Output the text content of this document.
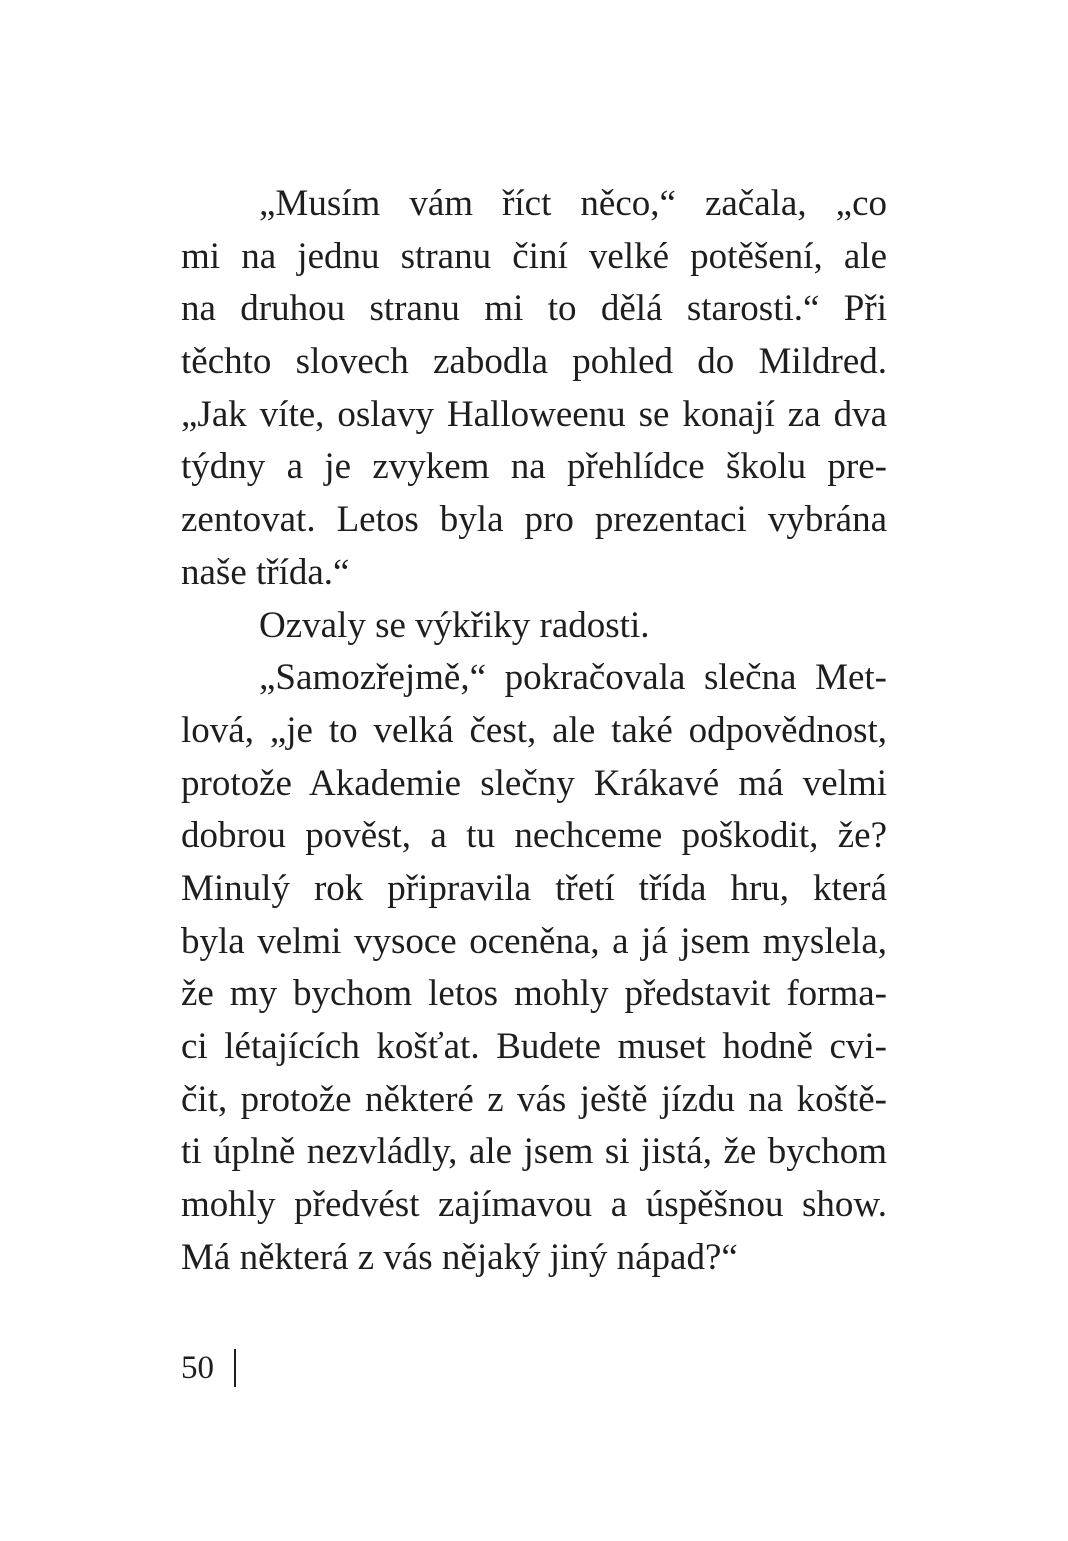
„Musím vám říct něco,“ začala, „co
mi na jednu stranu činí velké potěšení, ale
na druhou stranu mi to dělá starosti.“ Při
těchto slovech zabodla pohled do Mildred.
„Jak víte, oslavy Halloweenu se konají za dva
týdny a je zvykem na přehlídce školu pre-
zentovat. Letos byla pro prezentaci vybrána
naše třída.“
Ozvaly se výkřiky radosti.
„Samozřejmě,“ pokračovala slečna Met-
lová, „je to velká čest, ale také odpovědnost,
protože Akademie slečny Krákavé má velmi
dobrou pověst, a tu nechceme poškodit, že?
Minulý rok připravila třetí třída hru, která
byla velmi vysoce oceněna, a já jsem myslela,
že my bychom letos mohly představit forma-
ci létajících košťat. Budete muset hodně cvi-
čit, protože některé z vás ještě jízdu na koště-
ti úplně nezvládly, ale jsem si jistá, že bychom
mohly předvést zajímavou a úspěšnou show.
Má některá z vás nějaký jiný nápad?“
50
